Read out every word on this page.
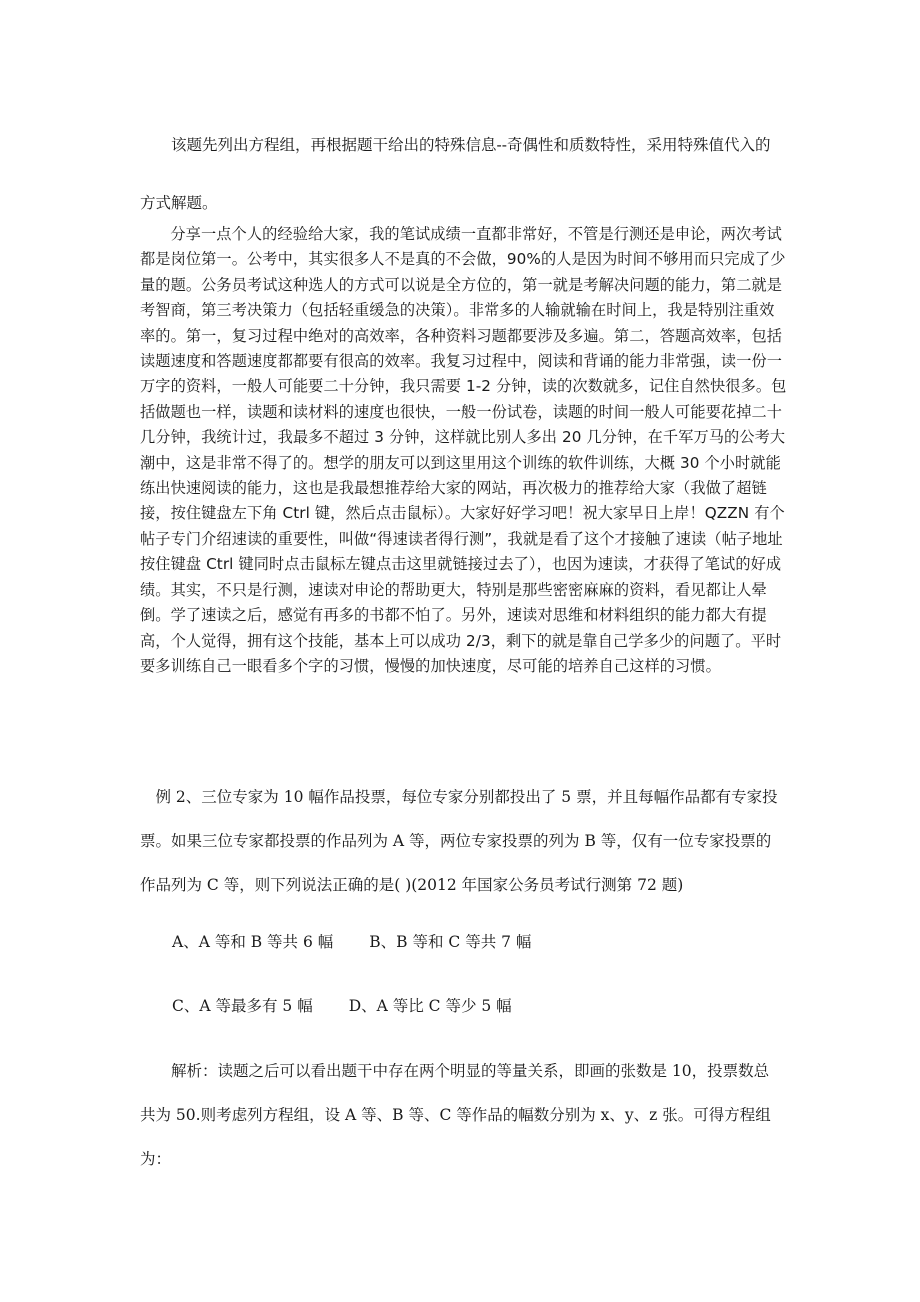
该题先列出方程组，再根据题干给出的特殊信息--奇偶性和质数特性，采用特殊值代入的方式解题。

分享一点个人的经验给大家，我的笔试成绩一直都非常好，不管是行测还是申论，两次考试都是岗位第一。公考中，其实很多人不是真的不会做，90%的人是因为时间不够用而只完成了少量的题。公务员考试这种选人的方式可以说是全方位的，第一就是考解决问题的能力，第二就是考智商，第三考决策力（包括轻重缓急的决策）。非常多的人输就输在时间上，我是特别注重效率的。第一，复习过程中绝对的高效率，各种资料习题都要涉及多遍。第二，答题高效率，包括读题速度和答题速度都都要有很高的效率。我复习过程中，阅读和背诵的能力非常强，读一份一万字的资料，一般人可能要二十分钟，我只需要 1-2 分钟，读的次数就多，记住自然快很多。包括做题也一样，读题和读材料的速度也很快，一般一份试卷，读题的时间一般人可能要花掉二十几分钟，我统计过，我最多不超过 3 分钟，这样就比别人多出 20 几分钟，在千军万马的公考大潮中，这是非常不得了的。想学的朋友可以到这里用这个训练的软件训练，大概 30 个小时就能练出快速阅读的能力，这也是我最想推荐给大家的网站，再次极力的推荐给大家（我做了超链接，按住键盘左下角 Ctrl 键，然后点击鼠标）。大家好好学习吧！祝大家早日上岸！QZZN 有个帖子专门介绍速读的重要性，叫做“得速读者得行测”，我就是看了这个才接触了速读（帖子地址按住键盘 Ctrl 键同时点击鼠标左键点击这里就链接过去了），也因为速读，才获得了笔试的好成绩。其实，不只是行测，速读对申论的帮助更大，特别是那些密密麻麻的资料，看见都让人晕倒。学了速读之后，感觉有再多的书都不怕了。另外，速读对思维和材料组织的能力都大有提高，个人觉得，拥有这个技能，基本上可以成功 2/3，剩下的就是靠自己学多少的问题了。平时要多训练自己一眼看多个字的习惯，慢慢的加快速度，尽可能的培养自己这样的习惯。

例 2、三位专家为 10 幅作品投票，每位专家分别都投出了 5 票，并且每幅作品都有专家投票。如果三位专家都投票的作品列为 A 等，两位专家投票的列为 B 等，仅有一位专家投票的作品列为 C 等，则下列说法正确的是( )(2012 年国家公务员考试行测第 72 题)

A、A 等和 B 等共 6 幅 B、B 等和 C 等共 7 幅
C、A 等最多有 5 幅 D、A 等比 C 等少 5 幅

解析：读题之后可以看出题干中存在两个明显的等量关系，即画的张数是 10，投票数总共为 50.则考虑列方程组，设 A 等、B 等、C 等作品的幅数分别为 x、y、z 张。可得方程组为：
